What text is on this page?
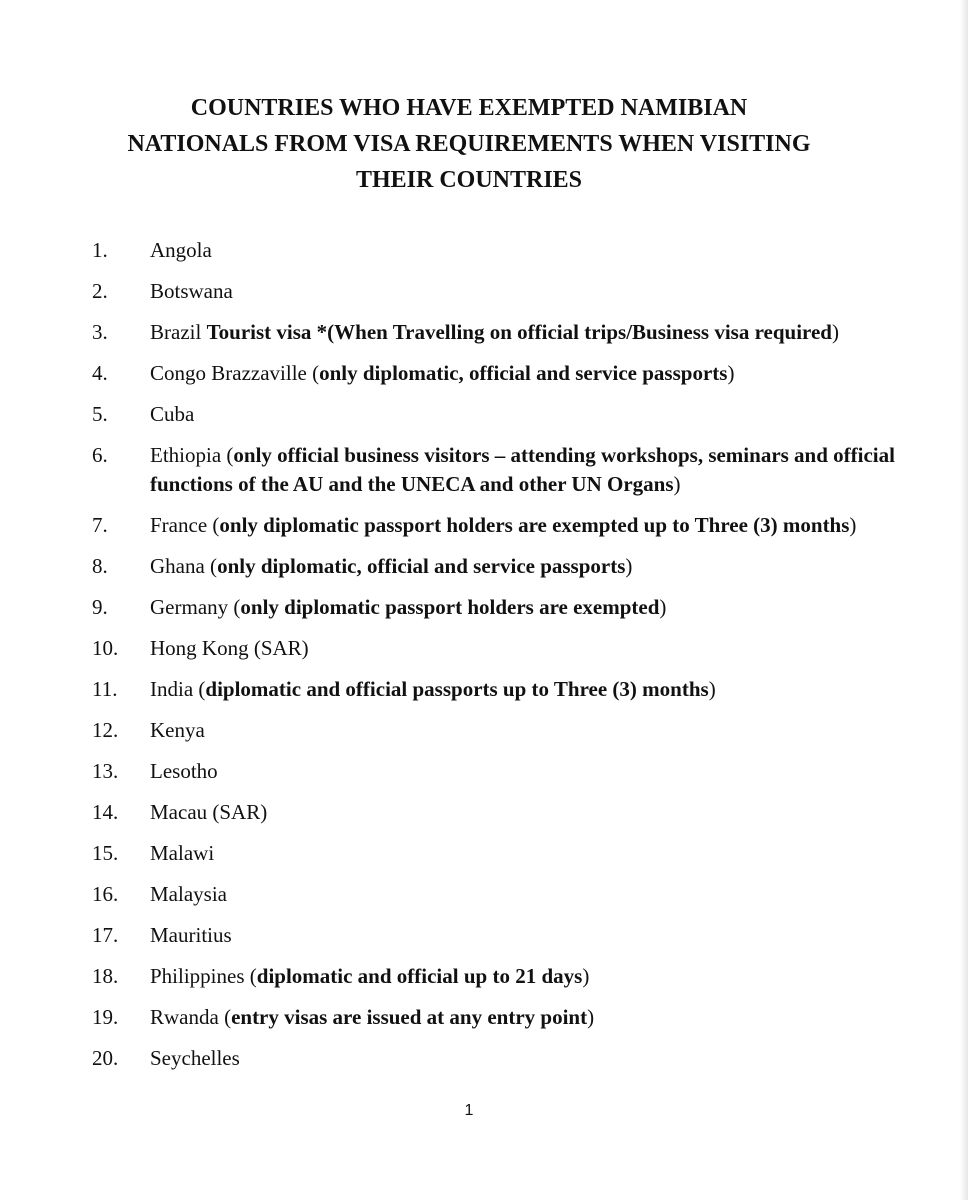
COUNTRIES WHO HAVE EXEMPTED NAMIBIAN
NATIONALS FROM VISA REQUIREMENTS WHEN VISITING
THEIR COUNTRIES
1.	Angola
2.	Botswana
3.	Brazil Tourist visa *(When Travelling on official trips/Business visa required)
4.	Congo Brazzaville (only diplomatic, official and service passports)
5.	Cuba
6.	Ethiopia (only official business visitors – attending workshops, seminars and official functions of the AU and the UNECA and other UN Organs)
7.	France (only diplomatic passport holders are exempted up to Three (3) months)
8.	Ghana (only diplomatic, official and service passports)
9.	Germany (only diplomatic passport holders are exempted)
10.	Hong Kong (SAR)
11.	India (diplomatic and official passports up to Three (3) months)
12.	Kenya
13.	Lesotho
14.	Macau (SAR)
15.	Malawi
16.	Malaysia
17.	Mauritius
18.	Philippines (diplomatic and official up to 21 days)
19.	Rwanda (entry visas are issued at any entry point)
20.	Seychelles
1
